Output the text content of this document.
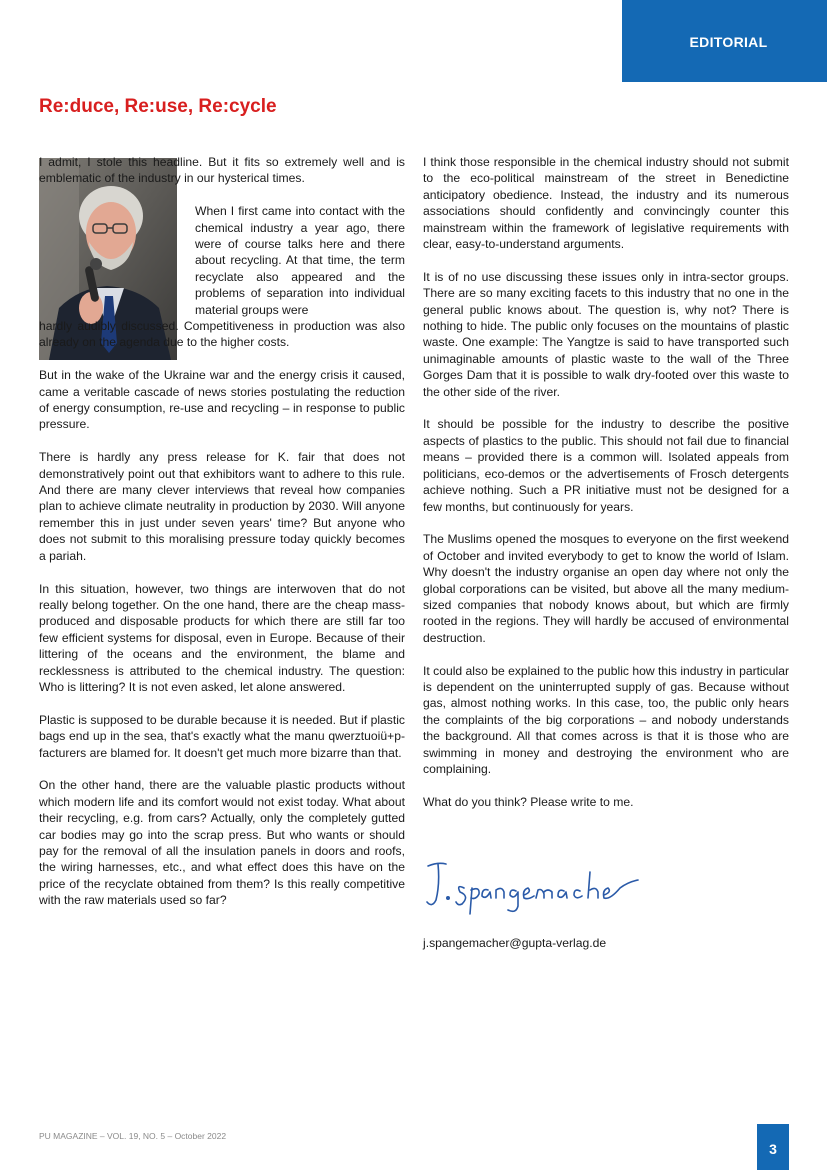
EDITORIAL
Re:duce, Re:use, Re:cycle

I admit, I stole this headline. But it fits so extremely well and is emblematic of the industry in our hysterical times.

When I first came into contact with the chemical industry a year ago, there were of course talks here and there about recycling. At that time, the term recyclate also appeared and the problems of separation into individual material groups were
hardly audibly discussed. Competitiveness in production was also already on the agenda due to the higher costs.

But in the wake of the Ukraine war and the energy crisis it caused, came a veritable cascade of news stories postulating the reduction of energy consumption, re-use and recycling – in response to public pressure.

There is hardly any press release for K. fair that does not demonstratively point out that exhibitors want to adhere to this rule. And there are many clever interviews that reveal how companies plan to achieve climate neutrality in production by 2030. Will anyone remember this in just under seven years' time? But anyone who does not submit to this moralising pressure today quickly becomes a pariah.

In this situation, however, two things are interwoven that do not really belong together. On the one hand, there are the cheap mass-produced and disposable products for which there are still far too few efficient systems for disposal, even in Europe. Because of their littering of the oceans and the environment, the blame and recklessness is attributed to the chemical industry. The question: Who is littering? It is not even asked, let alone answered.

Plastic is supposed to be durable because it is needed. But if plastic bags end up in the sea, that's exactly what the manu qwerztuoiü+p-facturers are blamed for. It doesn't get much more bizarre than that.

On the other hand, there are the valuable plastic products without which modern life and its comfort would not exist today. What about their recycling, e.g. from cars? Actually, only the completely gutted car bodies may go into the scrap press. But who wants or should pay for the removal of all the insulation panels in doors and roofs, the wiring harnesses, etc., and what effect does this have on the price of the recyclate obtained from them? Is this really competitive with the raw materials used so far?

I think those responsible in the chemical industry should not submit to the eco-political mainstream of the street in Benedictine anticipatory obedience. Instead, the industry and its numerous associations should confidently and convincingly counter this mainstream within the framework of legislative requirements with clear, easy-to-understand arguments.

It is of no use discussing these issues only in intra-sector groups. There are so many exciting facets to this industry that no one in the general public knows about. The question is, why not? There is nothing to hide. The public only focuses on the mountains of plastic waste. One example: The Yangtze is said to have transported such unimaginable amounts of plastic waste to the wall of the Three Gorges Dam that it is possible to walk dry-footed over this waste to the other side of the river.

It should be possible for the industry to describe the positive aspects of plastics to the public. This should not fail due to financial means – provided there is a common will. Isolated appeals from politicians, eco-demos or the advertisements of Frosch detergents achieve nothing. Such a PR initiative must not be designed for a few months, but continuously for years.

The Muslims opened the mosques to everyone on the first weekend of October and invited everybody to get to know the world of Islam. Why doesn't the industry organise an open day where not only the global corporations can be visited, but above all the many medium-sized companies that nobody knows about, but which are firmly rooted in the regions. They will hardly be accused of environmental destruction.

It could also be explained to the public how this industry in particular is dependent on the uninterrupted supply of gas. Because without gas, almost nothing works. In this case, too, the public only hears the complaints of the big corporations – and nobody understands the background. All that comes across is that it is those who are swimming in money and destroying the environment who are complaining.

What do you think? Please write to me.

j.spangemacher@gupta-verlag.de
PU MAGAZINE – VOL. 19, NO. 5 – October 2022
3
